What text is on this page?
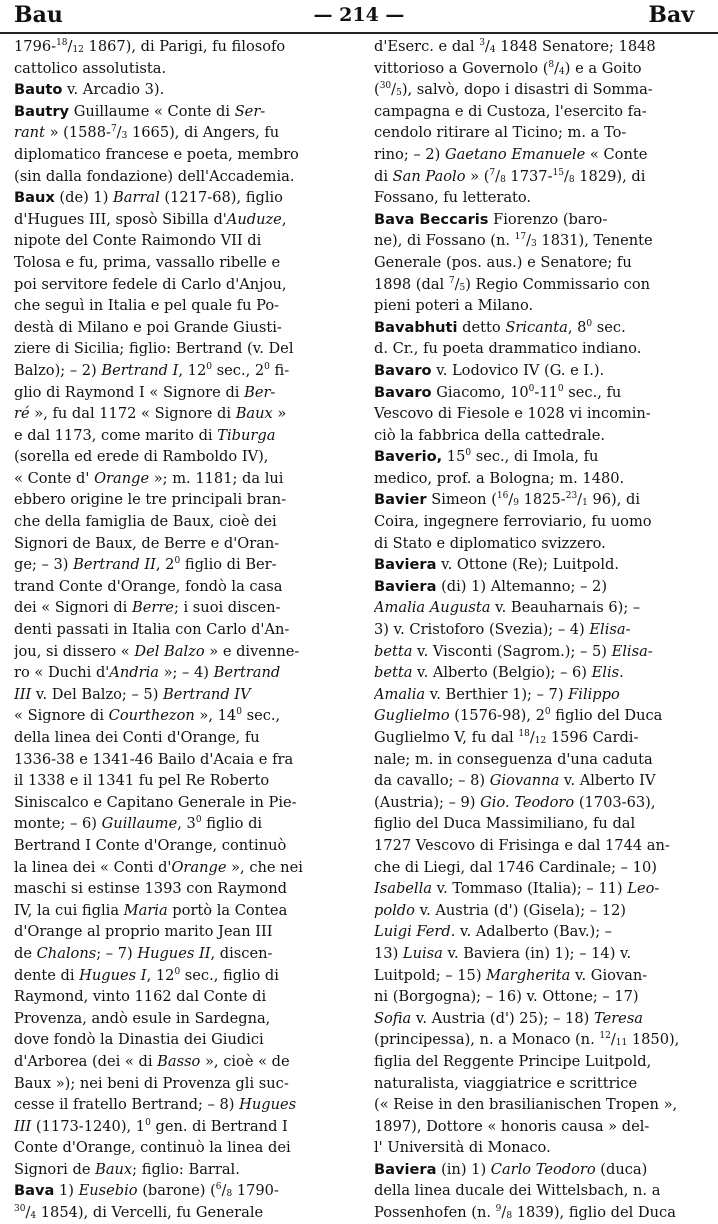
Bau	— 214 —	Bav
$1796-^{18}/_{12}$ 1867), di Parigi, fu filosofo
cattolico assolutista.
Bauto v. Arcadio 3).
Bautry Guillaume « Conte di Ser-
rant » ($1588-^7/_3$ 1665), di Angers, fu
diplomatico francese e poeta, membro
(sin dalla fondazione) dell'Accademia.
Baux (de) 1) Barral (1217-68), figlio
d'Hugues III, sposò Sibilla d'Auduze,
nipote del Conte Raimondo VII di
Tolosa e fu, prima, vassallo ribelle e
poi servitore fedele di Carlo d'Anjou,
che seguì in Italia e pel quale fu Po-
destà di Milano e poi Grande Giusti-
ziere di Sicilia; figlio: Bertrand (v. Del
Balzo); – 2) Bertrand I, $12^0$ sec., $2^0$ fi-
glio di Raymond I « Signore di Ber-
ré », fu dal 1172 « Signore di Baux »
e dal 1173, come marito di Tiburga
(sorella ed erede di Ramboldo IV),
« Conte d' Orange »; m. 1181; da lui
ebbero origine le tre principali bran-
che della famiglia de Baux, cioè dei
Signori de Baux, de Berre e d'Oran-
ge; – 3) Bertrand II, $2^0$ figlio di Ber-
trand Conte d'Orange, fondò la casa
dei « Signori di Berre; i suoi discen-
denti passati in Italia con Carlo d'An-
jou, si dissero « Del Balzo » e divenne-
ro « Duchi d'Andria »; – 4) Bertrand
III v. Del Balzo; – 5) Bertrand IV
« Signore di Courthezon », $14^0$ sec.,
della linea dei Conti d'Orange, fu
1336-38 e 1341-46 Bailo d'Acaia e fra
il 1338 e il 1341 fu pel Re Roberto
Siniscalco e Capitano Generale in Pie-
monte; – 6) Guillaume, $3^0$ figlio di
Bertrand I Conte d'Orange, continuò
la linea dei « Conti d'Orange », che nei
maschi si estinse 1393 con Raymond
IV, la cui figlia Maria portò la Contea
d'Orange al proprio marito Jean III
de Chalons; – 7) Hugues II, discen-
dente di Hugues I, $12^0$ sec., figlio di
Raymond, vinto 1162 dal Conte di
Provenza, andò esule in Sardegna,
dove fondò la Dinastia dei Giudici
d'Arborea (dei « di Basso », cioè « de
Baux »); nei beni di Provenza gli suc-
cesse il fratello Bertrand; – 8) Hugues
III (1173-1240), $1^0$ gen. di Bertrand I
Conte d'Orange, continuò la linea dei
Signori de Baux; figlio: Barral.
Bava 1) Eusebio (barone) ($^6/_8$ 1790-
$^{30}/_4$ 1854), di Vercelli, fu Generale
d'Eserc. e dal $^3/_4$ 1848 Senatore; 1848
vittorioso a Governolo $(^8/_4)$ e a Goito
$(^{30}/_5)$, salvò, dopo i disastri di Somma-
campagna e di Custoza, l'esercito fa-
cendolo ritirare al Ticino; m. a To-
rino; – 2) Gaetano Emanuele « Conte
di San Paolo » ($^7/_8$ $1737-^{15}/_8$ 1829), di
Fossano, fu letterato.
Bava Beccaris Fiorenzo (baro-
ne), di Fossano (n. $^{17}/_3$ 1831), Tenente
Generale (pos. aus.) e Senatore; fu
1898 (dal $^7/_5$) Regio Commissario con
pieni poteri a Milano.
Bavabhuti detto Sricanta, $8^0$ sec.
d. Cr., fu poeta drammatico indiano.
Bavaro v. Lodovico IV (G. e I.).
Bavaro Giacomo, $10^0-11^0$ sec., fu
Vescovo di Fiesole e 1028 vi incomin-
ciò la fabbrica della cattedrale.
Baverio, $15^0$ sec., di Imola, fu
medico, prof. a Bologna; m. 1480.
Bavier Simeon ($^{16}/_9$ $1825-^{23}/_1$ 96), di
Coira, ingegnere ferroviario, fu uomo
di Stato e diplomatico svizzero.
Baviera v. Ottone (Re); Luitpold.
Baviera (di) 1) Altemanno; – 2)
Amalia Augusta v. Beauharnais 6); –
3) v. Cristoforo (Svezia); – 4) Elisa-
betta v. Visconti (Sagrom.); – 5) Elisa-
betta v. Alberto (Belgio); – 6) Elis.
Amalia v. Berthier 1); – 7) Filippo
Guglielmo (1576-98), $2^0$ figlio del Duca
Guglielmo V, fu dal $^{18}/_{12}$ 1596 Cardi-
nale; m. in conseguenza d'una caduta
da cavallo; – 8) Giovanna v. Alberto IV
(Austria); – 9) Gio. Teodoro (1703-63),
figlio del Duca Massimiliano, fu dal
1727 Vescovo di Frisinga e dal 1744 an-
che di Liegi, dal 1746 Cardinale; – 10)
Isabella v. Tommaso (Italia); – 11) Leo-
poldo v. Austria (d') (Gisela); – 12)
Luigi Ferd. v. Adalberto (Bav.); –
13) Luisa v. Baviera (in) 1); – 14) v.
Luitpold; – 15) Margherita v. Giovan-
ni (Borgogna); – 16) v. Ottone; – 17)
Sofia v. Austria (d') 25); – 18) Teresa
(principessa), n. a Monaco (n. $^{12}/_{11}$ 1850),
figlia del Reggente Principe Luitpold,
naturalista, viaggiatrice e scrittrice
(« Reise in den brasilianischen Tropen »,
1897), Dottore « honoris causa » del-
l' Università di Monaco.
Baviera (in) 1) Carlo Teodoro (duca)
della linea ducale dei Wittelsbach, n. a
Possenhofen (n. $^9/_8$ 1839), figlio del Duca
